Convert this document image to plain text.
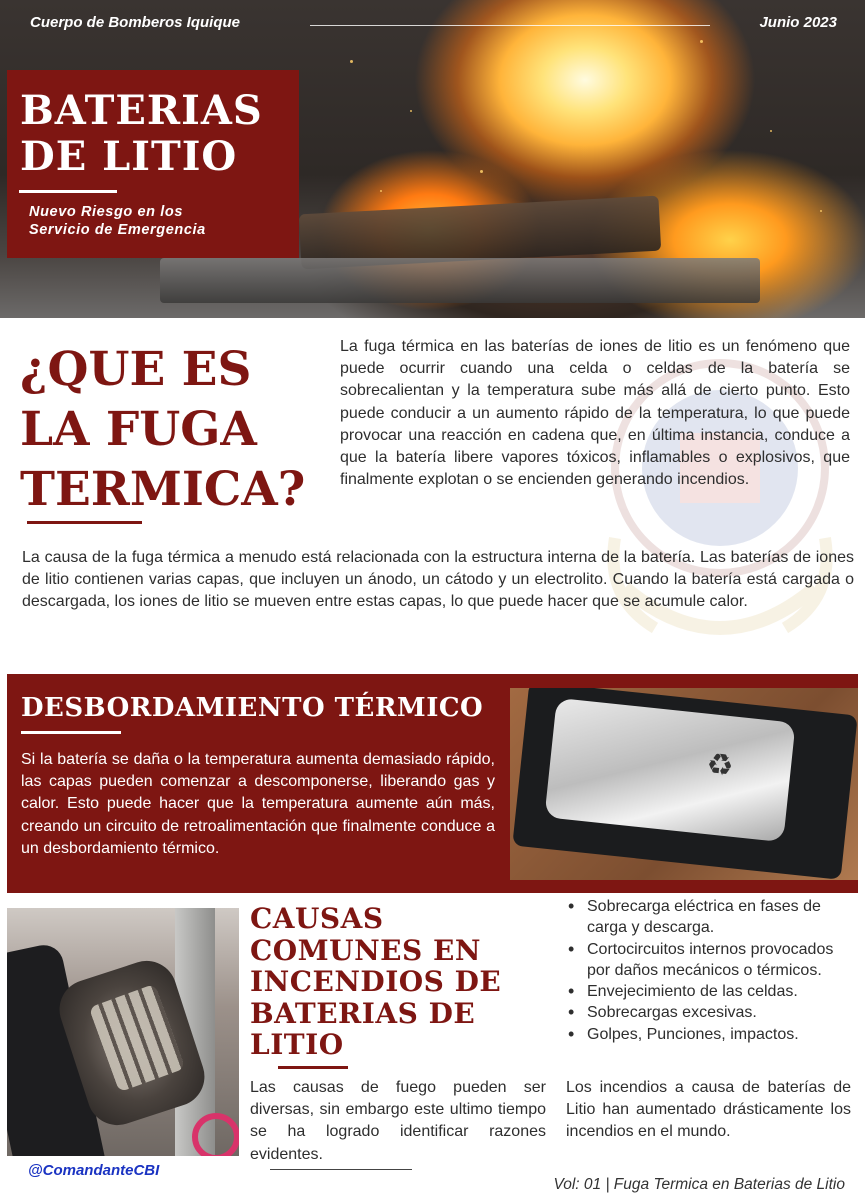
Cuerpo de Bomberos Iquique	Junio 2023
BATERIAS
DE LITIO
Nuevo Riesgo en los
Servicio de Emergencia
¿QUE ES
LA FUGA
TERMICA?

La fuga térmica en las baterías de iones de litio es un fenómeno que puede ocurrir cuando una celda o celdas de la batería se sobrecalientan y la temperatura sube más allá de cierto punto. Esto puede conducir a un aumento rápido de la temperatura, lo que puede provocar una reacción en cadena que, en última instancia, conduce a que la batería libere vapores tóxicos, inflamables o explosivos, que finalmente explotan o se encienden generando incendios.

La causa de la fuga térmica a menudo está relacionada con la estructura interna de la batería. Las baterías de iones de litio contienen varias capas, que incluyen un ánodo, un cátodo y un electrolito. Cuando la batería está cargada o descargada, los iones de litio se mueven entre estas capas, lo que puede hacer que se acumule calor.

DESBORDAMIENTO TÉRMICO

Si la batería se daña o la temperatura aumenta demasiado rápido, las capas pueden comenzar a descomponerse, liberando gas y calor. Esto puede hacer que la temperatura aumente aún más, creando un circuito de retroalimentación que finalmente conduce a un desbordamiento térmico.

♻
CAUSAS
COMUNES EN
INCENDIOS DE
BATERIAS DE
LITIO

Las causas de fuego pueden ser diversas, sin embargo este ultimo tiempo se ha logrado identificar razones evidentes.

• Sobrecarga eléctrica en fases de carga y descarga.
• Cortocircuitos internos provocados por daños mecánicos o térmicos.
• Envejecimiento de las celdas.
• Sobrecargas excesivas.
• Golpes, Punciones, impactos.

Los incendios a causa de baterías de Litio han aumentado drásticamente los incendios en el mundo.

@ComandanteCBI
Vol: 01 | Fuga Termica en Baterias de Litio
